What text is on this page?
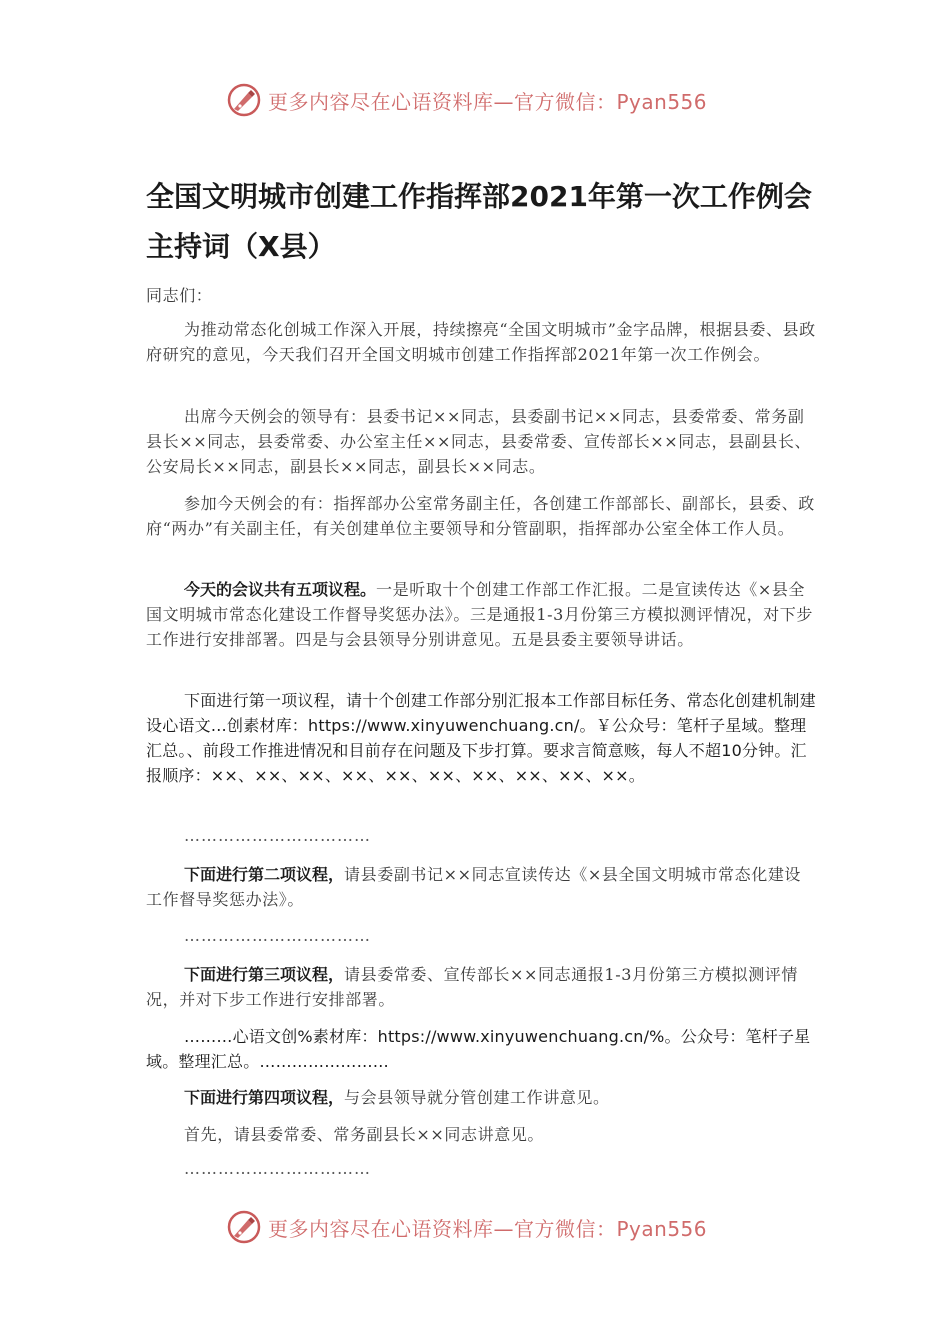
更多内容尽在心语资料库—官方微信：Pyan556
全国文明城市创建工作指挥部2021年第一次工作例会主持词（X县）

同志们：

为推动常态化创城工作深入开展，持续擦亮“全国文明城市”金字品牌，根据县委、县政府研究的意见，今天我们召开全国文明城市创建工作指挥部2021年第一次工作例会。

出席今天例会的领导有：县委书记××同志，县委副书记××同志，县委常委、常务副县长××同志，县委常委、办公室主任××同志，县委常委、宣传部长××同志，县副县长、公安局长××同志，副县长××同志，副县长××同志。

参加今天例会的有：指挥部办公室常务副主任，各创建工作部部长、副部长，县委、政府“两办”有关副主任，有关创建单位主要领导和分管副职，指挥部办公室全体工作人员。

今天的会议共有五项议程。一是听取十个创建工作部工作汇报。二是宣读传达《×县全国文明城市常态化建设工作督导奖惩办法》。三是通报1-3月份第三方模拟测评情况，对下步工作进行安排部署。四是与会县领导分别讲意见。五是县委主要领导讲话。

下面进行第一项议程，请十个创建工作部分别汇报本工作部目标任务、常态化创建机制建设心语文…创素材库：https://www.xinyuwenchuang.cn/。￥公众号：笔杆子星域。整理汇总。、前段工作推进情况和目前存在问题及下步打算。要求言简意赅，每人不超10分钟。汇报顺序：××、××、××、××、××、××、××、××、××、××。

……………………………

下面进行第二项议程，请县委副书记××同志宣读传达《×县全国文明城市常态化建设工作督导奖惩办法》。

……………………………

下面进行第三项议程，请县委常委、宣传部长××同志通报1-3月份第三方模拟测评情况，并对下步工作进行安排部署。

………心语文创%素材库：https://www.xinyuwenchuang.cn/%。公众号：笔杆子星域。整理汇总。……………………

下面进行第四项议程，与会县领导就分管创建工作讲意见。

首先，请县委常委、常务副县长××同志讲意见。

……………………………

更多内容尽在心语资料库—官方微信：Pyan556
